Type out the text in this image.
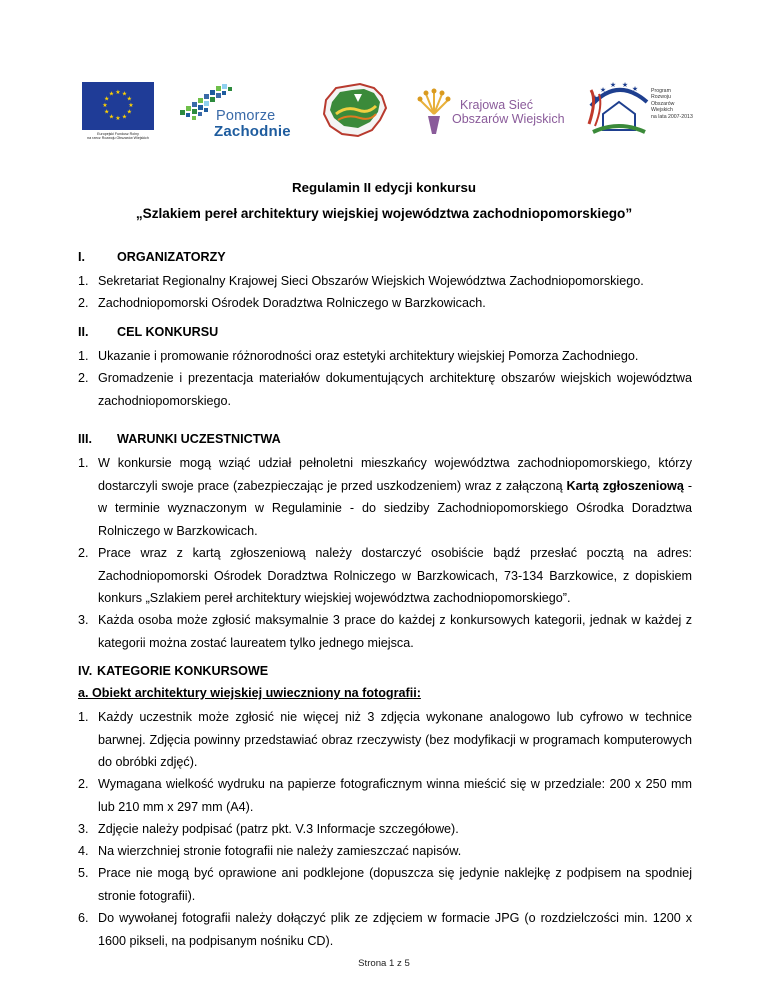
★ ★
★
★
★
★
★
★
★
★
★
★
Europejski Fundusz Rolny
na rzecz Rozwoju Obszarów Wiejskich
Pomorze
Zachodnie
Krajowa Sieć
Obszarów Wiejskich
★
★
★ ★ ★ Program
Rozwoju
Obszarów
Wiejskich
na lata 2007-2013
Regulamin II edycji konkursu
„Szlakiem pereł architektury wiejskiej województwa zachodniopomorskiego”
I.	ORGANIZATORZY
1. Sekretariat Regionalny Krajowej Sieci Obszarów Wiejskich Województwa Zachodniopomorskiego.
2. Zachodniopomorski Ośrodek Doradztwa Rolniczego w Barzkowicach.
II. CEL KONKURSU
1. Ukazanie i promowanie różnorodności oraz estetyki architektury wiejskiej Pomorza Zachodniego.
2. Gromadzenie i prezentacja materiałów dokumentujących architekturę obszarów wiejskich województwa zachodniopomorskiego.
III. WARUNKI UCZESTNICTWA
1. W konkursie mogą wziąć udział pełnoletni mieszkańcy województwa zachodniopomorskiego, którzy dostarczyli swoje prace (zabezpieczając je przed uszkodzeniem) wraz z załączoną Kartą zgłoszeniową - w terminie wyznaczonym w Regulaminie - do siedziby Zachodniopomorskiego Ośrodka Doradztwa Rolniczego w Barzkowicach.
2. Prace wraz z kartą zgłoszeniową należy dostarczyć osobiście bądź przesłać pocztą na adres: Zachodniopomorski Ośrodek Doradztwa Rolniczego w Barzkowicach, 73-134 Barzkowice, z dopiskiem konkurs „Szlakiem pereł architektury wiejskiej województwa zachodniopomorskiego”.
3. Każda osoba może zgłosić maksymalnie 3 prace do każdej z konkursowych kategorii, jednak w każdej z kategorii można zostać laureatem tylko jednego miejsca.
IV. KATEGORIE KONKURSOWE
a. Obiekt architektury wiejskiej uwieczniony na fotografii:
1. Każdy uczestnik może zgłosić nie więcej niż 3 zdjęcia wykonane analogowo lub cyfrowo w technice barwnej. Zdjęcia powinny przedstawiać obraz rzeczywisty (bez modyfikacji w programach komputerowych do obróbki zdjęć).
2. Wymagana wielkość wydruku na papierze fotograficznym winna mieścić się w przedziale: 200 x 250 mm lub 210 mm x 297 mm (A4).
3. Zdjęcie należy podpisać (patrz pkt. V.3 Informacje szczegółowe).
4. Na wierzchniej stronie fotografii nie należy zamieszczać napisów.
5. Prace nie mogą być oprawione ani podklejone (dopuszcza się jedynie naklejkę z podpisem na spodniej stronie fotografii).
6. Do wywołanej fotografii należy dołączyć plik ze zdjęciem w formacie JPG (o rozdzielczości min. 1200 x 1600 pikseli, na podpisanym nośniku CD).
Strona 1 z 5
